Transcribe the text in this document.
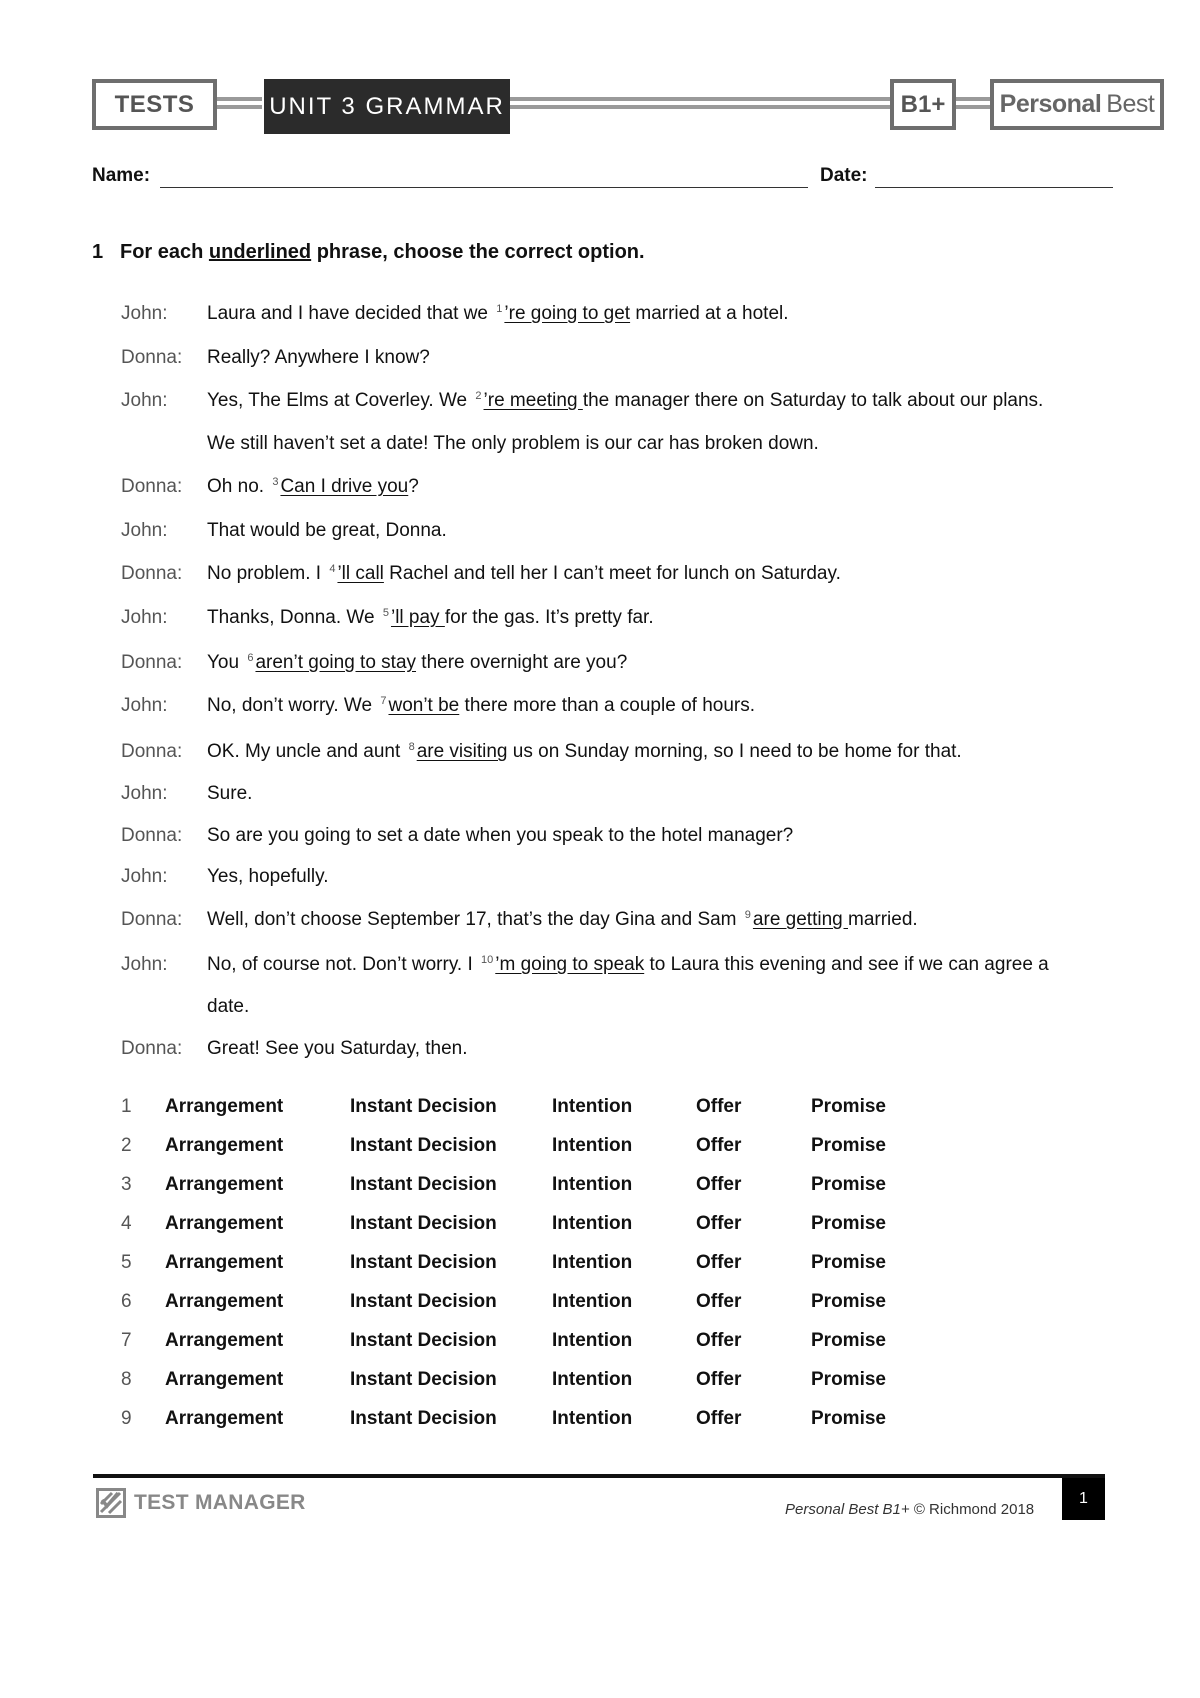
TESTS	UNIT 3 GRAMMAR	B1+	Personal Best
Name:	Date:
1 For each underlined phrase, choose the correct option.
John: Laura and I have decided that we $^1$ ’re going to get married at a hotel.
Donna: Really? Anywhere I know?
John: Yes, The Elms at Coverley. We $^2$ ’re meeting the manager there on Saturday to talk about our plans.
We still haven’t set a date! The only problem is our car has broken down.
Donna: Oh no. $^3$ Can I drive you?
John: That would be great, Donna.
Donna: No problem. I $^4$ ’ll call Rachel and tell her I can’t meet for lunch on Saturday.
John: Thanks, Donna. We $^5$ ’ll pay for the gas. It’s pretty far.
Donna: You $^6$ aren’t going to stay there overnight are you?
John: No, don’t worry. We $^7$ won’t be there more than a couple of hours.
Donna: OK. My uncle and aunt $^8$ are visiting us on Sunday morning, so I need to be home for that.
John: Sure.
Donna: So are you going to set a date when you speak to the hotel manager?
John: Yes, hopefully.
Donna: Well, don’t choose September 17, that’s the day Gina and Sam $^9$ are getting married.
John: No, of course not. Don’t worry. I $^{10}$ ’m going to speak to Laura this evening and see if we can agree a
date.
Donna: Great! See you Saturday, then.
1 Arrangement	Instant Decision	Intention	Offer	Promise
2 Arrangement	Instant Decision	Intention	Offer	Promise
3 Arrangement	Instant Decision	Intention	Offer	Promise
4 Arrangement	Instant Decision	Intention	Offer	Promise
5 Arrangement	Instant Decision	Intention	Offer	Promise
6 Arrangement	Instant Decision	Intention	Offer	Promise
7 Arrangement	Instant Decision	Intention	Offer	Promise
8 Arrangement	Instant Decision	Intention	Offer	Promise
9 Arrangement	Instant Decision	Intention	Offer	Promise
TEST MANAGER	Personal Best B1+ © Richmond 2018
1
